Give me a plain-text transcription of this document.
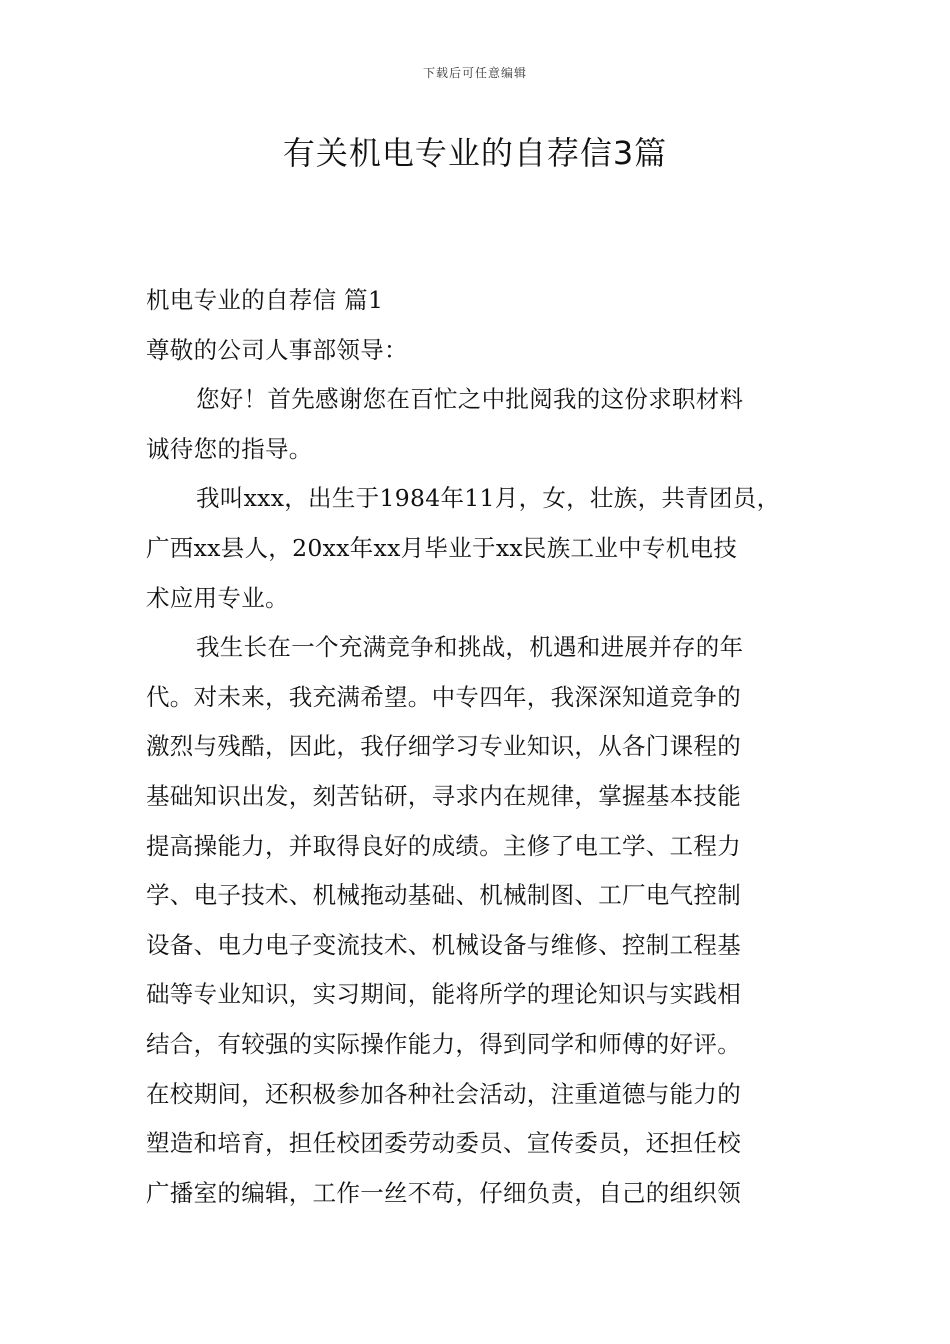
下载后可任意编辑
有关机电专业的自荐信3篇
机电专业的自荐信 篇1
尊敬的公司人事部领导：
您好！首先感谢您在百忙之中批阅我的这份求职材料
诚待您的指导。
我叫xxx，出生于1984年11月，女，壮族，共青团员，
广西xx县人，20xx年xx月毕业于xx民族工业中专机电技
术应用专业。
我生长在一个充满竞争和挑战，机遇和进展并存的年
代。对未来，我充满希望。中专四年，我深深知道竞争的
激烈与残酷，因此，我仔细学习专业知识，从各门课程的
基础知识出发，刻苦钻研，寻求内在规律，掌握基本技能
提高操能力，并取得良好的成绩。主修了电工学、工程力
学、电子技术、机械拖动基础、机械制图、工厂电气控制
设备、电力电子变流技术、机械设备与维修、控制工程基
础等专业知识，实习期间，能将所学的理论知识与实践相
结合，有较强的实际操作能力，得到同学和师傅的好评。
在校期间，还积极参加各种社会活动，注重道德与能力的
塑造和培育，担任校团委劳动委员、宣传委员，还担任校
广播室的编辑，工作一丝不苟，仔细负责，自己的组织领
